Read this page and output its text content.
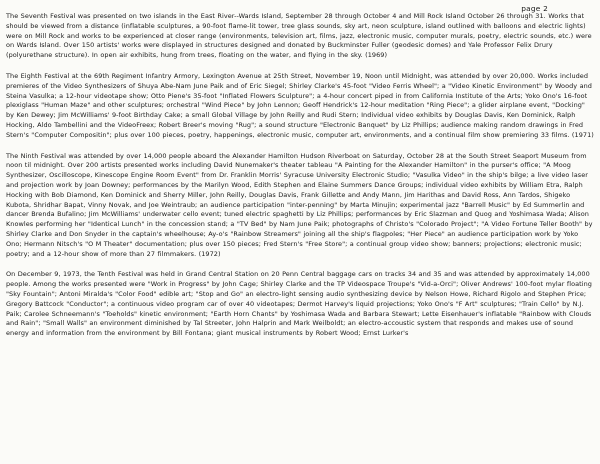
page 2

The Seventh Festival was presented on two islands in the East River--Wards Island, September 28 through October 4 and Mill Rock Island October 26 through 31. Works that should be viewed from a distance (inflatable sculptures, a 90-foot flame-lit tower, tree glass sounds, sky art, neon sculpture, island outlined with balloons and electric lights) were on Mill Rock and works to be experienced at closer range (environments, television art, films, jazz, electronic music, computer murals, poetry, electric sounds, etc.) were on Wards Island. Over 150 artists' works were displayed in structures designed and donated by Buckminster Fuller (geodesic domes) and Yale Professor Felix Drury (polyurethane structure). In open air exhibits, hung from trees, floating on the water, and flying in the sky. (1969)

The Eighth Festival at the 69th Regiment Infantry Armory, Lexington Avenue at 25th Street, November 19, Noon until Midnight, was attended by over 20,000. Works included premieres of the Video Synthesizers of Shuya Abe-Nam June Paik and of Eric Siegel; Shirley Clarke's 45-foot "Video Ferris Wheel"; a "Video Kinetic Environment" by Woody and Steina Vasulka; a 12-hour videotape show; Otto Piene's 35-foot "Inflated Flowers Sculpture"; a 4-hour concert piped in from California Institute of the Arts; Yoko Ono's 16-foot plexiglass "Human Maze" and other sculptures; orchestral "Wind Piece" by John Lennon; Geoff Hendrick's 12-hour meditation "Ring Piece"; a glider airplane event, "Docking" by Ken Dewey; Jim McWilliams' 9-foot Birthday Cake; a small Global Village by John Reilly and Rudi Stern; Individual video exhibits by Douglas Davis, Ken Dominick, Ralph Hocking, Aldo Tambellini and the VideoFreex; Robert Breer's moving "Rug"; a sound structure "Electronic Banquet" by Liz Phillips; audience making random drawings in Fred Stern's "Computer Compositin"; plus over 100 pieces, poetry, happenings, electronic music, computer art, environments, and a continual film show premiering 33 films. (1971)

The Ninth Festival was attended by over 14,000 people aboard the Alexander Hamilton Hudson Riverboat on Saturday, October 28 at the South Street Seaport Museum from noon til midnight. Over 200 artists presented works including David Nunemaker's theater tableau "A Painting for the Alexander Hamilton" in the purser's office; "A Moog Synthesizer, Oscilloscope, Kinescope Engine Room Event" from Dr. Franklin Morris' Syracuse University Electronic Studio; "Vasulka Video" in the ship's bilge; a live video laser and projection work by Joan Downey; performances by the Marilyn Wood, Edith Stephen and Elaine Summers Dance Groups; individual video exhibits by William Etra, Ralph Hocking with Bob Diamond, Ken Dominick and Sherry Miller, John Reilly, Douglas Davis, Frank Gillette and Andy Mann, Jim Harithas and David Ross, Ann Tardos, Shigeko Kubota, Shridhar Bapat, Vinny Novak, and Joe Weintraub; an audience participation "inter-penning" by Marta Minujin; experimental jazz "Barrell Music" by Ed Summerlin and dancer Brenda Bufalino; Jim McWilliams' underwater cello event; tuned electric spaghetti by Liz Phillips; performances by Eric Slazman and Quog and Yoshimasa Wada; Alison Knowles performing her "Identical Lunch" in the concession stand; a "TV Bed" by Nam June Paik; photographs of Christo's "Colorado Project"; "A Video Fortune Teller Booth" by Shirley Clarke and Don Snyder in the captain's wheelhouse; Ay-o's "Rainbow Streamers" joining all the ship's flagpoles; "Her Piece" an audience participation work by Yoko Ono; Hermann Nitsch's "O M Theater" documentation; plus over 150 pieces; Fred Stern's "Free Store"; a continual group video show; banners; projections; electronic music; poetry; and a 12-hour show of more than 27 filmmakers. (1972)

On December 9, 1973, the Tenth Festival was held in Grand Central Station on 20 Penn Central baggage cars on tracks 34 and 35 and was attended by approximately 14,000 people. Among the works presented were "Work in Progress" by John Cage; Shirley Clarke and the TP Videospace Troupe's "Vid-a-Orci"; Oliver Andrews' 100-foot mylar floating "Sky Fountain"; Antoni Miralda's "Color Food" edible art; "Stop and Go" an electro-light sensing audio synthesizing device by Nelson Howe, Richard Rigolo and Stephen Price; Gregory Battcock "Conductor"; a continuous video program car of over 40 videotapes; Dermot Harvey's liquid projections; Yoko Ono's "F Art" sculptures; "Train Cello" by N.J. Paik; Carolee Schneemann's "Toeholds" kinetic environment; "Earth Horn Chants" by Yoshimasa Wada and Barbara Stewart; Lette Eisenhauer's inflatable "Rainbow with Clouds and Rain"; "Small Walls" an environment diminished by Tal Streeter, John Halprin and Mark Weilboldt; an electro-accoustic system that responds and makes use of sound energy and information from the environment by Bill Fontana; giant musical instruments by Robert Wood; Ernst Lurker's
